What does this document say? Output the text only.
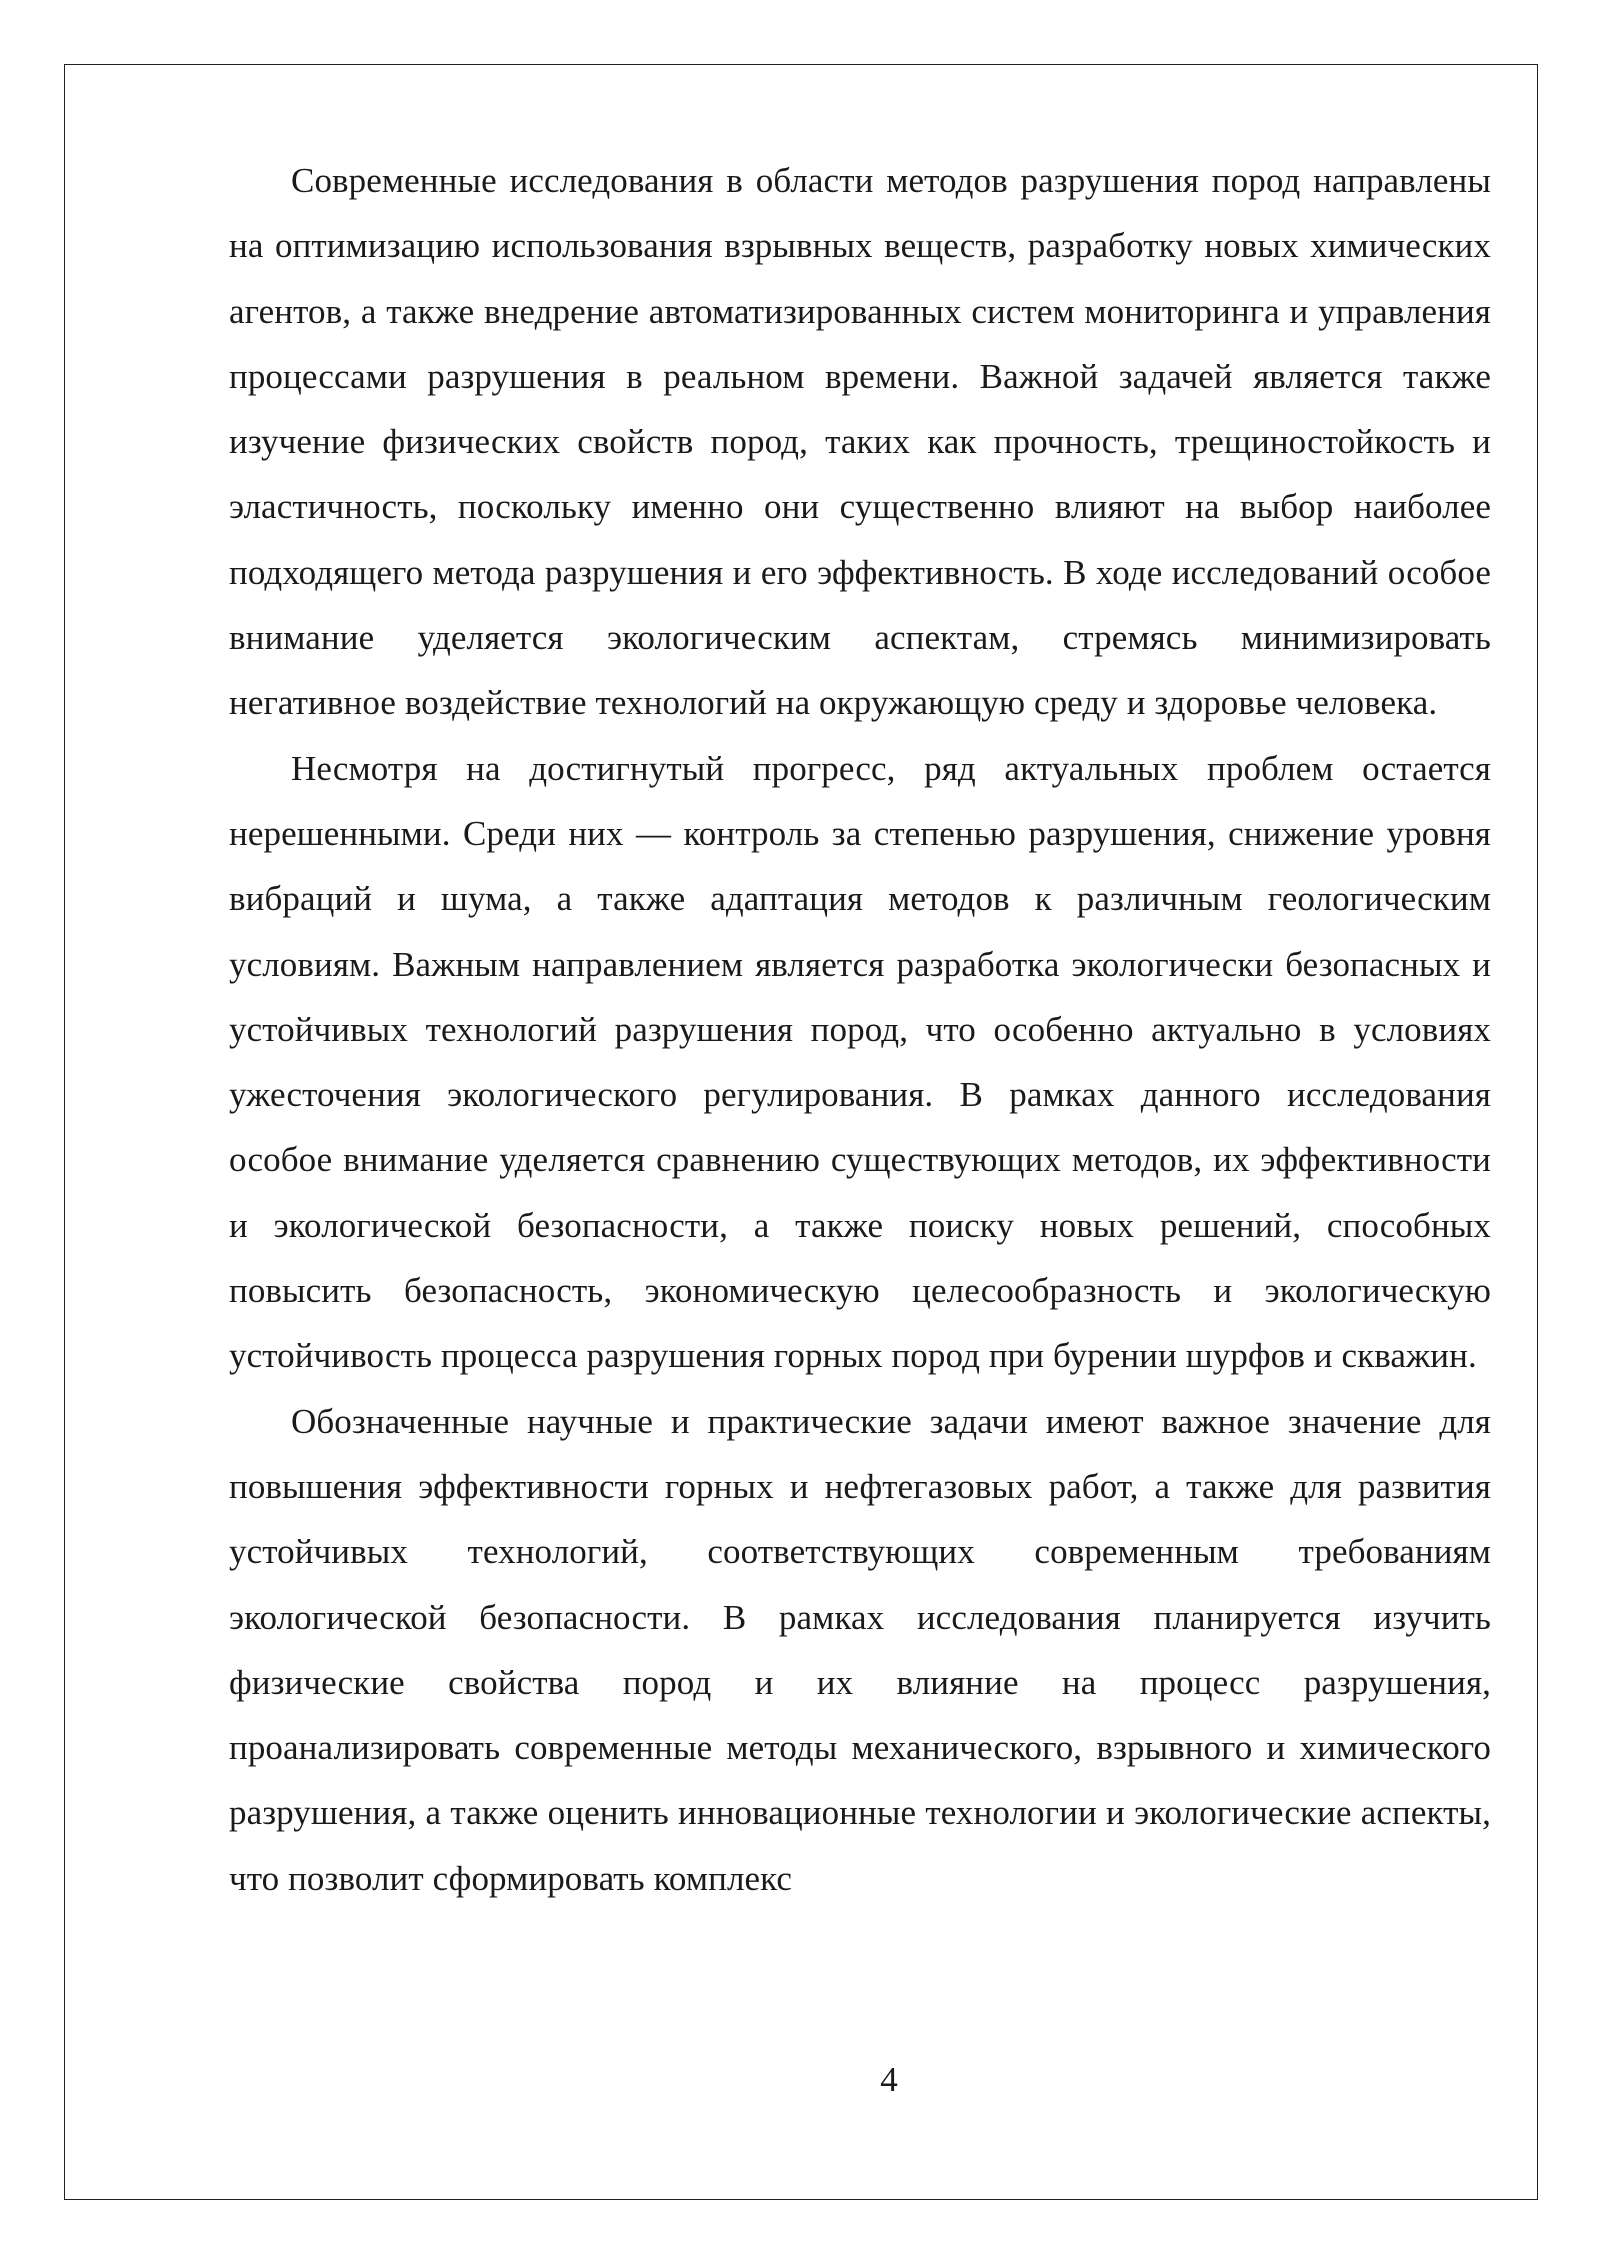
Современные исследования в области методов разрушения пород направлены на оптимизацию использования взрывных веществ, разработку новых химических агентов, а также внедрение автоматизированных систем мониторинга и управления процессами разрушения в реальном времени. Важной задачей является также изучение физических свойств пород, таких как прочность, трещиностойкость и эластичность, поскольку именно они существенно влияют на выбор наиболее подходящего метода разрушения и его эффективность. В ходе исследований особое внимание уделяется экологическим аспектам, стремясь минимизировать негативное воздействие технологий на окружающую среду и здоровье человека.

Несмотря на достигнутый прогресс, ряд актуальных проблем остается нерешенными. Среди них — контроль за степенью разрушения, снижение уровня вибраций и шума, а также адаптация методов к различным геологическим условиям. Важным направлением является разработка экологически безопасных и устойчивых технологий разрушения пород, что особенно актуально в условиях ужесточения экологического регулирования. В рамках данного исследования особое внимание уделяется сравнению существующих методов, их эффективности и экологической безопасности, а также поиску новых решений, способных повысить безопасность, экономическую целесообразность и экологическую устойчивость процесса разрушения горных пород при бурении шурфов и скважин.

Обозначенные научные и практические задачи имеют важное значение для повышения эффективности горных и нефтегазовых работ, а также для развития устойчивых технологий, соответствующих современным требованиям экологической безопасности. В рамках исследования планируется изучить физические свойства пород и их влияние на процесс разрушения, проанализировать современные методы механического, взрывного и химического разрушения, а также оценить инновационные технологии и экологические аспекты, что позволит сформировать комплекс

4
